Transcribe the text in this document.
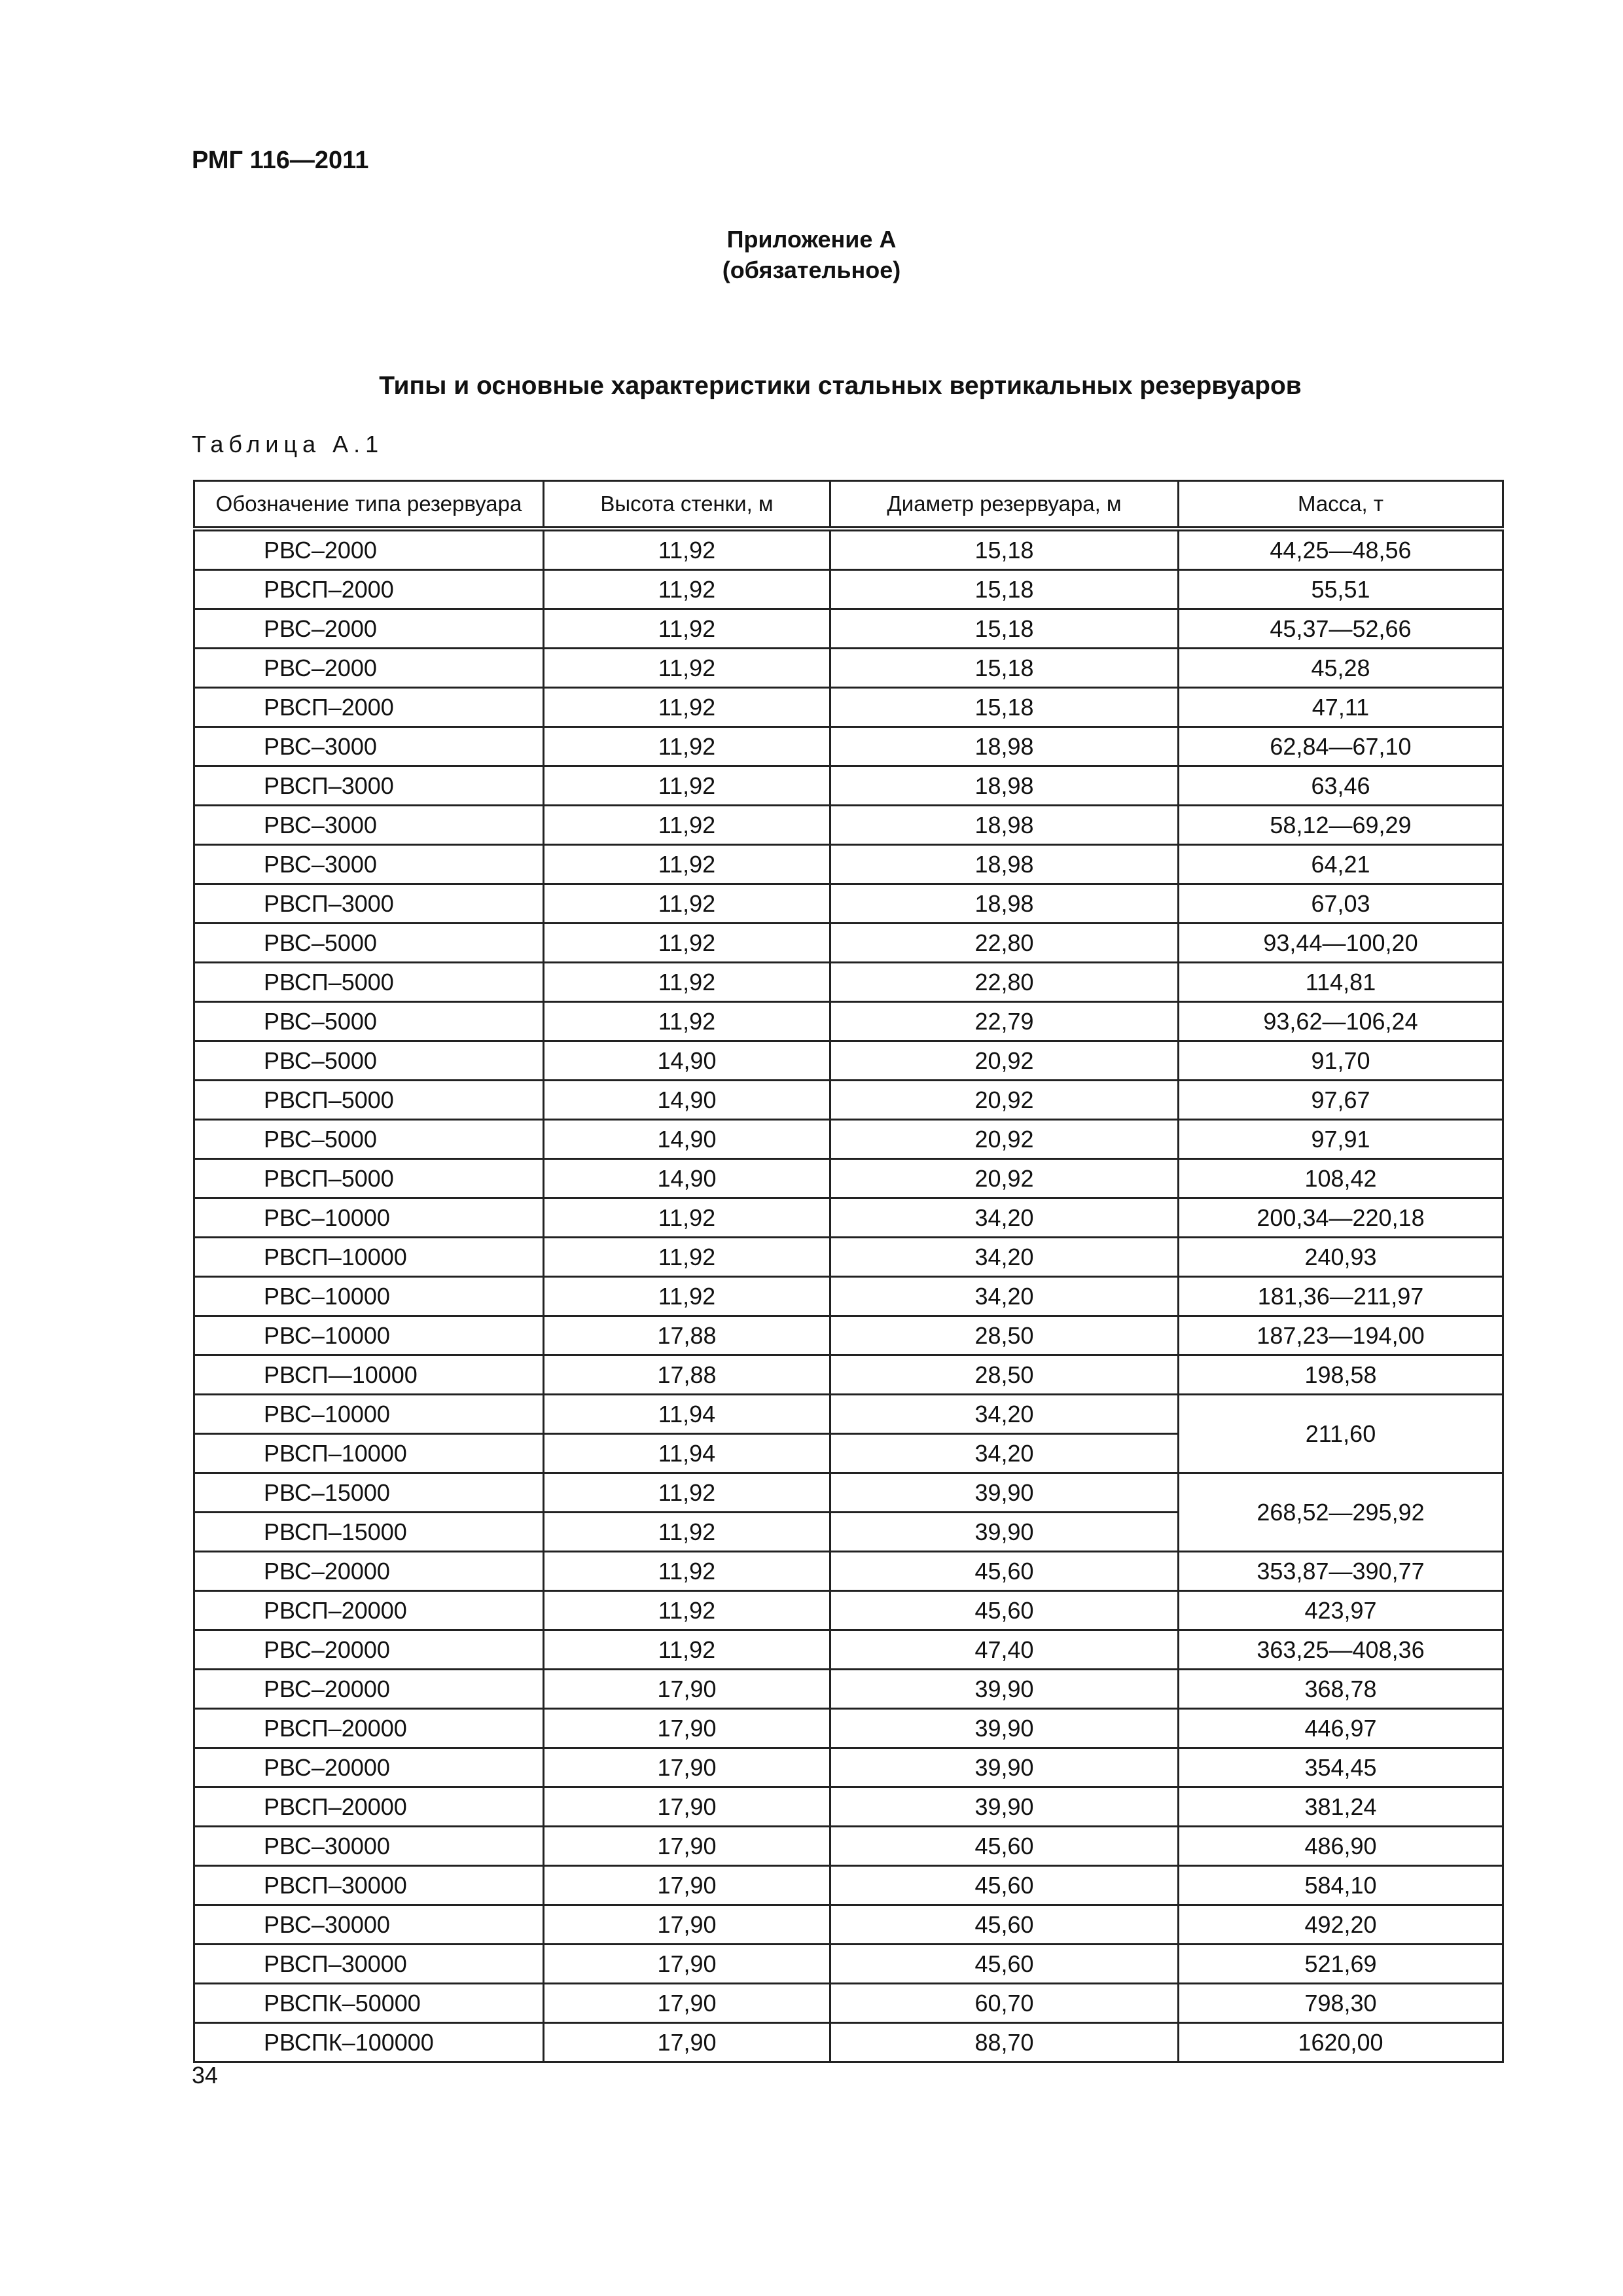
РМГ 116—2011
Приложение А
(обязательное)
Типы и основные характеристики стальных вертикальных резервуаров
Таблица А.1
Обозначение типа резервуара	Высота стенки, м	Диаметр резервуара, м	Масса, т
РВС–2000	11,92	15,18	44,25—48,56
РВСП–2000	11,92	15,18	55,51
РВС–2000	11,92	15,18	45,37—52,66
РВС–2000	11,92	15,18	45,28
РВСП–2000	11,92	15,18	47,11
РВС–3000	11,92	18,98	62,84—67,10
РВСП–3000	11,92	18,98	63,46
РВС–3000	11,92	18,98	58,12—69,29
РВС–3000	11,92	18,98	64,21
РВСП–3000	11,92	18,98	67,03
РВС–5000	11,92	22,80	93,44—100,20
РВСП–5000	11,92	22,80	114,81
РВС–5000	11,92	22,79	93,62—106,24
РВС–5000	14,90	20,92	91,70
РВСП–5000	14,90	20,92	97,67
РВС–5000	14,90	20,92	97,91
РВСП–5000	14,90	20,92	108,42
РВС–10000	11,92	34,20	200,34—220,18
РВСП–10000	11,92	34,20	240,93
РВС–10000	11,92	34,20	181,36—211,97
РВС–10000	17,88	28,50	187,23—194,00
РВСП—10000	17,88	28,50	198,58
РВС–10000	11,94	34,20	211,60
РВСП–10000	11,94	34,20	
РВС–15000	11,92	39,90	268,52—295,92
РВСП–15000	11,92	39,90	
РВС–20000	11,92	45,60	353,87—390,77
РВСП–20000	11,92	45,60	423,97
РВС–20000	11,92	47,40	363,25—408,36
РВС–20000	17,90	39,90	368,78
РВСП–20000	17,90	39,90	446,97
РВС–20000	17,90	39,90	354,45
РВСП–20000	17,90	39,90	381,24
РВС–30000	17,90	45,60	486,90
РВСП–30000	17,90	45,60	584,10
РВС–30000	17,90	45,60	492,20
РВСП–30000	17,90	45,60	521,69
РВСПК–50000	17,90	60,70	798,30
РВСПК–100000	17,90	88,70	1620,00
34
